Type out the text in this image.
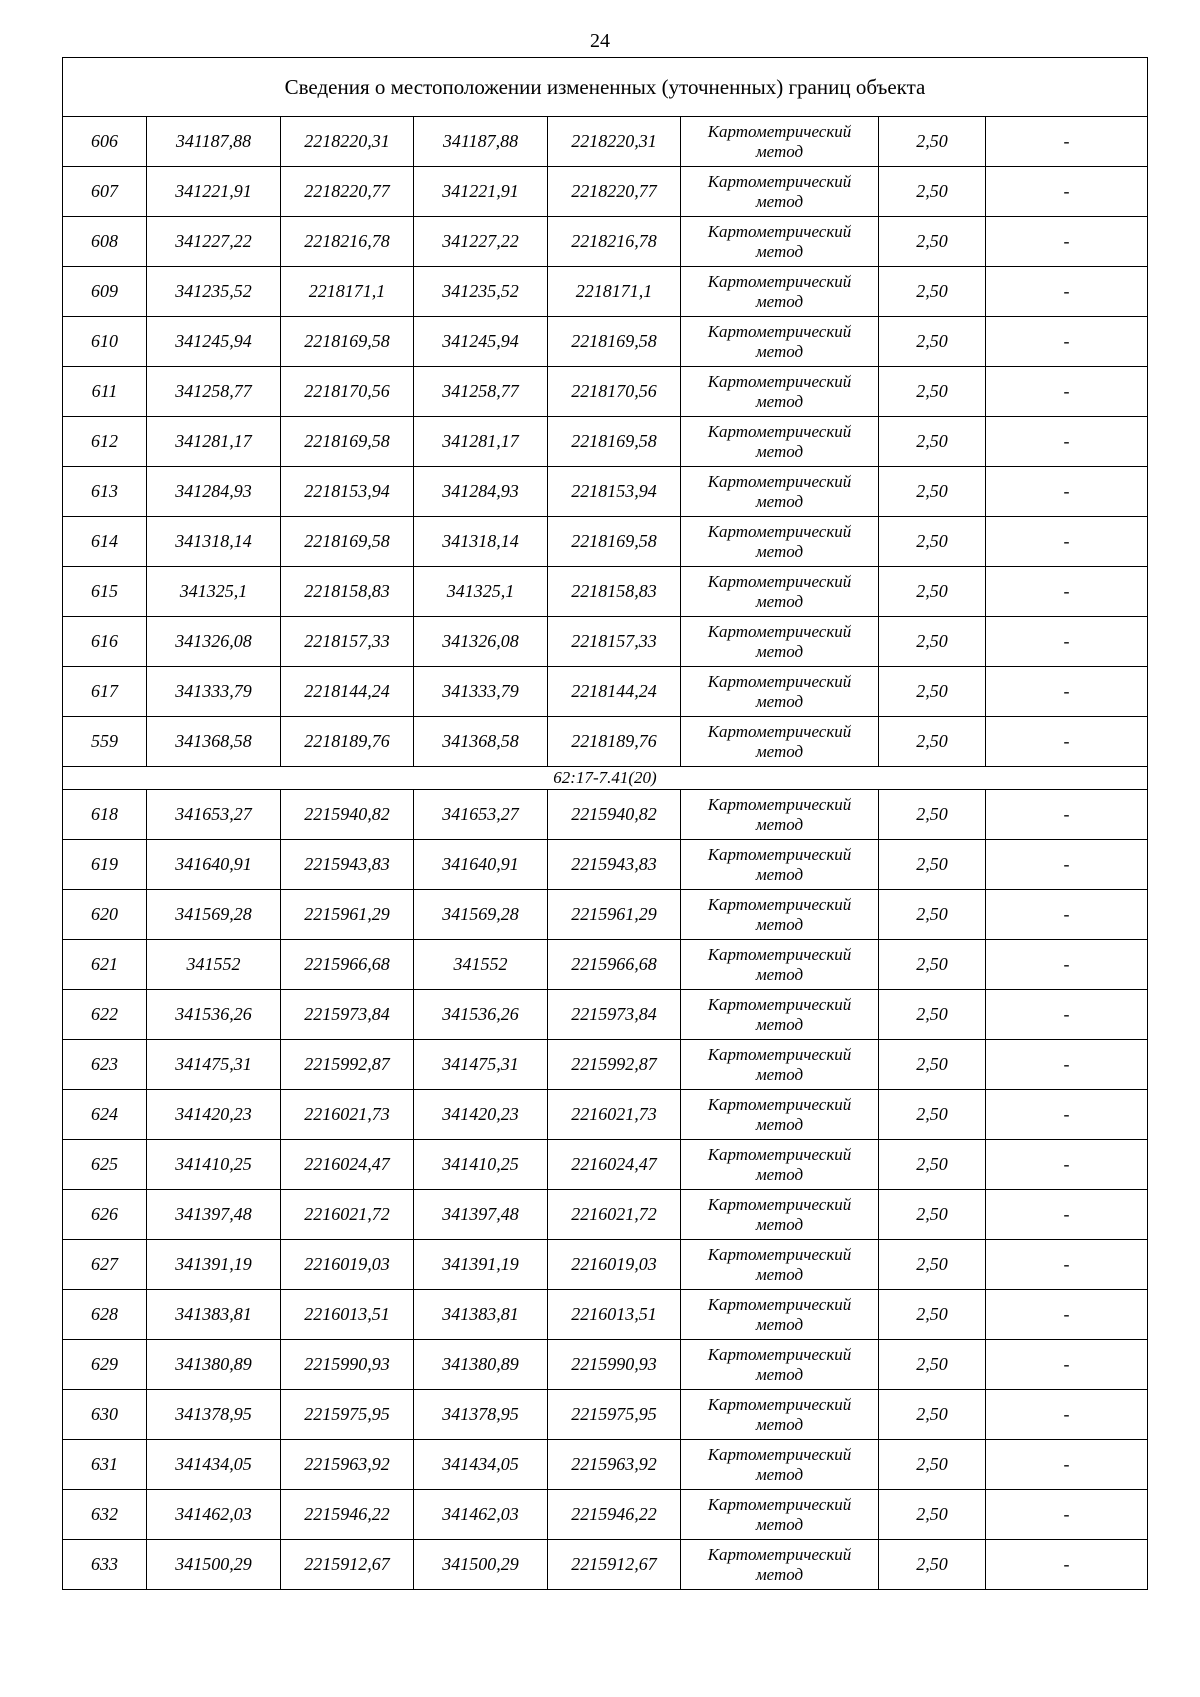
24
Сведения о местоположении измененных (уточненных) границ объекта							
606	341187,88	2218220,31	341187,88	2218220,31	Картометрический
метод	2,50	-
607	341221,91	2218220,77	341221,91	2218220,77	Картометрический
метод	2,50	-
608	341227,22	2218216,78	341227,22	2218216,78	Картометрический
метод	2,50	-
609	341235,52	2218171,1	341235,52	2218171,1	Картометрический
метод	2,50	-
610	341245,94	2218169,58	341245,94	2218169,58	Картометрический
метод	2,50	-
611	341258,77	2218170,56	341258,77	2218170,56	Картометрический
метод	2,50	-
612	341281,17	2218169,58	341281,17	2218169,58	Картометрический
метод	2,50	-
613	341284,93	2218153,94	341284,93	2218153,94	Картометрический
метод	2,50	-
614	341318,14	2218169,58	341318,14	2218169,58	Картометрический
метод	2,50	-
615	341325,1	2218158,83	341325,1	2218158,83	Картометрический
метод	2,50	-
616	341326,08	2218157,33	341326,08	2218157,33	Картометрический
метод	2,50	-
617	341333,79	2218144,24	341333,79	2218144,24	Картометрический
метод	2,50	-
559	341368,58	2218189,76	341368,58	2218189,76	Картометрический
метод	2,50	-
62:17-7.41(20)							
618	341653,27	2215940,82	341653,27	2215940,82	Картометрический
метод	2,50	-
619	341640,91	2215943,83	341640,91	2215943,83	Картометрический
метод	2,50	-
620	341569,28	2215961,29	341569,28	2215961,29	Картометрический
метод	2,50	-
621	341552	2215966,68	341552	2215966,68	Картометрический
метод	2,50	-
622	341536,26	2215973,84	341536,26	2215973,84	Картометрический
метод	2,50	-
623	341475,31	2215992,87	341475,31	2215992,87	Картометрический
метод	2,50	-
624	341420,23	2216021,73	341420,23	2216021,73	Картометрический
метод	2,50	-
625	341410,25	2216024,47	341410,25	2216024,47	Картометрический
метод	2,50	-
626	341397,48	2216021,72	341397,48	2216021,72	Картометрический
метод	2,50	-
627	341391,19	2216019,03	341391,19	2216019,03	Картометрический
метод	2,50	-
628	341383,81	2216013,51	341383,81	2216013,51	Картометрический
метод	2,50	-
629	341380,89	2215990,93	341380,89	2215990,93	Картометрический
метод	2,50	-
630	341378,95	2215975,95	341378,95	2215975,95	Картометрический
метод	2,50	-
631	341434,05	2215963,92	341434,05	2215963,92	Картометрический
метод	2,50	-
632	341462,03	2215946,22	341462,03	2215946,22	Картометрический
метод	2,50	-
633	341500,29	2215912,67	341500,29	2215912,67	Картометрический
метод	2,50	-
